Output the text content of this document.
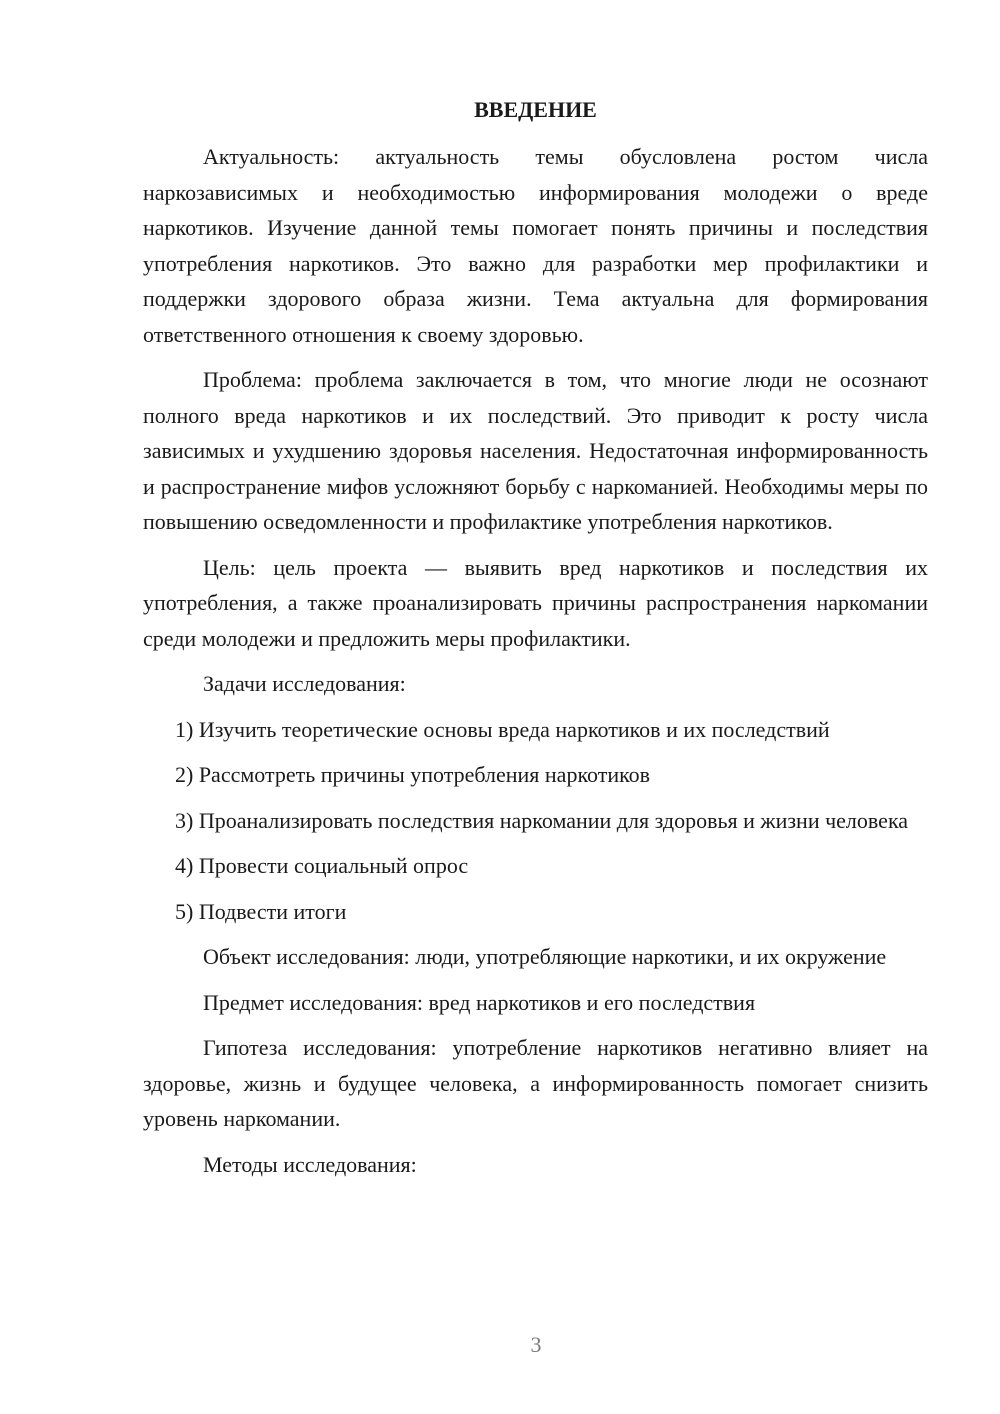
ВВЕДЕНИЕ

Актуальность: актуальность темы обусловлена ростом числа наркозависимых и необходимостью информирования молодежи о вреде наркотиков. Изучение данной темы помогает понять причины и последствия употребления наркотиков. Это важно для разработки мер профилактики и поддержки здорового образа жизни. Тема актуальна для формирования ответственного отношения к своему здоровью.

Проблема: проблема заключается в том, что многие люди не осознают полного вреда наркотиков и их последствий. Это приводит к росту числа зависимых и ухудшению здоровья населения. Недостаточная информированность и распространение мифов усложняют борьбу с наркоманией. Необходимы меры по повышению осведомленности и профилактике употребления наркотиков.

Цель: цель проекта — выявить вред наркотиков и последствия их употребления, а также проанализировать причины распространения наркомании среди молодежи и предложить меры профилактики.

Задачи исследования:

1) Изучить теоретические основы вреда наркотиков и их последствий

2) Рассмотреть причины употребления наркотиков

3) Проанализировать последствия наркомании для здоровья и жизни человека

4) Провести социальный опрос

5) Подвести итоги

Объект исследования: люди, употребляющие наркотики, и их окружение

Предмет исследования: вред наркотиков и его последствия

Гипотеза исследования: употребление наркотиков негативно влияет на здоровье, жизнь и будущее человека, а информированность помогает снизить уровень наркомании.

Методы исследования:

3
